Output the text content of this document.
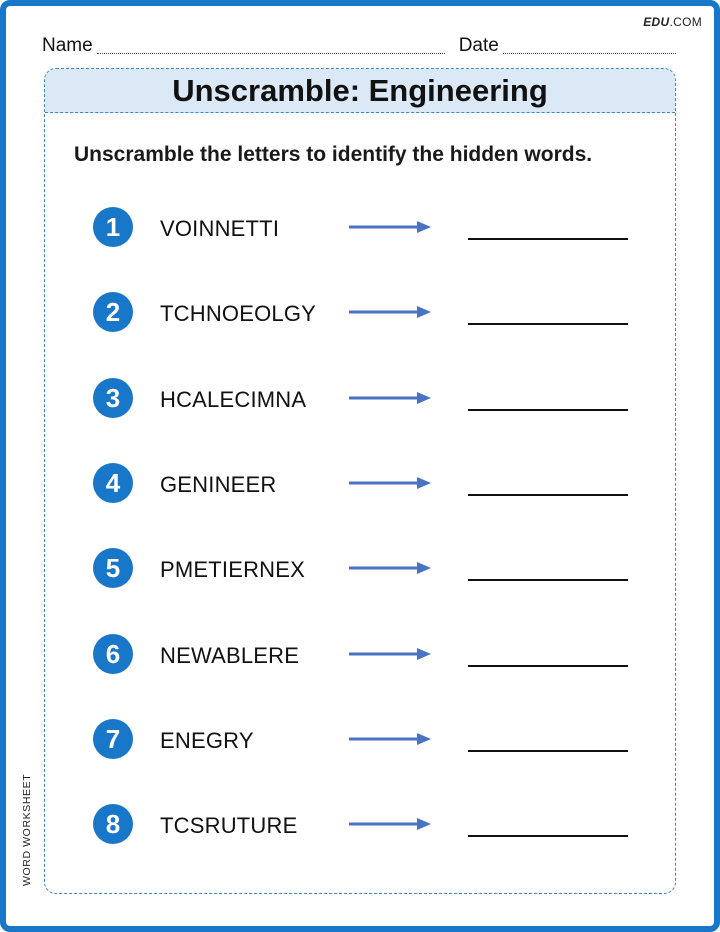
EDU.COM
Name	Date
Unscramble: Engineering
Unscramble the letters to identify the hidden words.
1	VOINNETTI
2	TCHNOEOLGY
3	HCALECIMNA
4	GENINEER
5	PMETIERNEX
6	NEWABLERE
7	ENEGRY
8	TCSRUTURE
WORD WORKSHEET
